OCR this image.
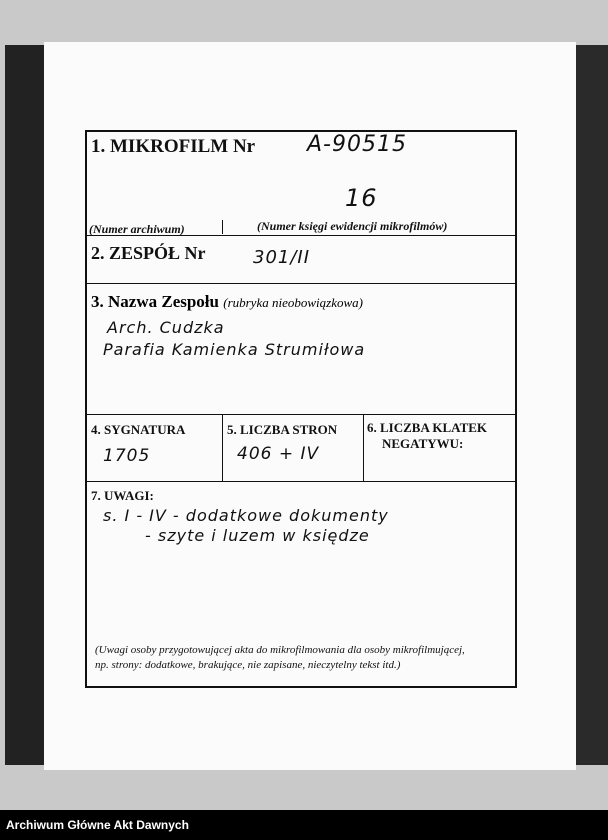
1. MIKROFILM Nr A-90515
16
(Numer archiwum)	(Numer księgi ewidencji mikrofilmów)
2. ZESPÓŁ Nr	301/II
3. Nazwa Zespołu (rubryka nieobowiązkowa)
Arch. Cudzka
Parafia Kamienka Strumiłowa
4. SYGNATURA
1705
5. LICZBA STRON
406 + IV
6. LICZBA KLATEK
NEGATYWU:
7. UWAGI:
s. I - IV - dodatkowe dokumenty
- szyte i luzem w księdze
(Uwagi osoby przygotowującej akta do mikrofilmowania dla osoby mikrofilmującej,
np. strony: dodatkowe, brakujące, nie zapisane, nieczytelny tekst itd.)
Archiwum Główne Akt Dawnych
